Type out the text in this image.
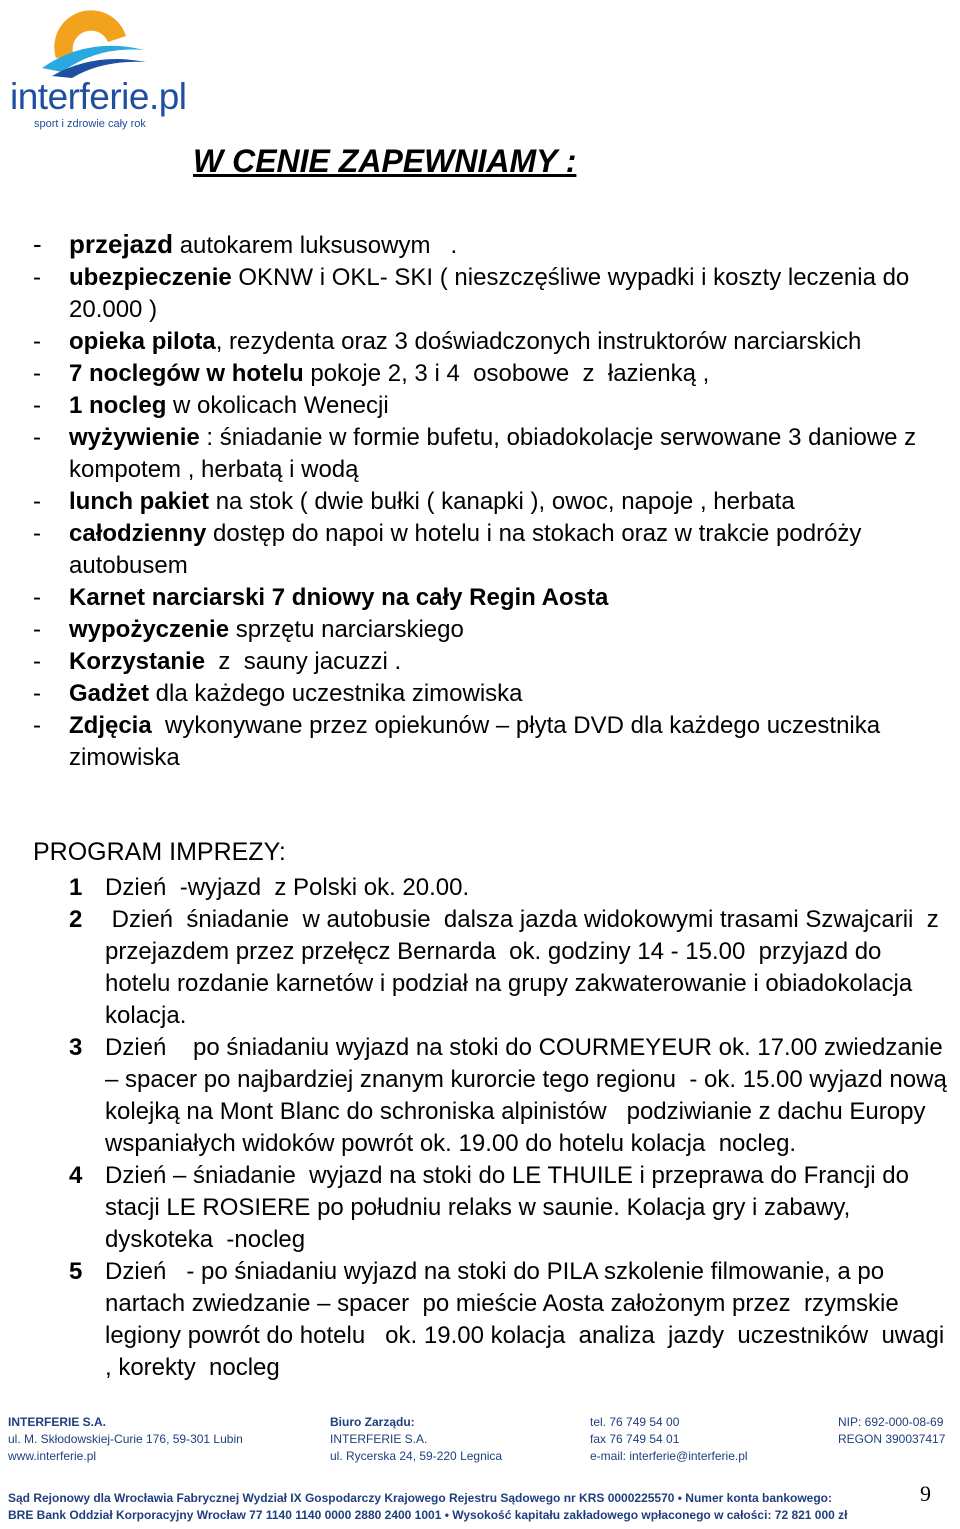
interferie.pl
sport i zdrowie cały rok
W CENIE ZAPEWNIAMY :
-	przejazd autokarem luksusowym   .
-	ubezpieczenie OKNW i OKL- SKI ( nieszczęśliwe wypadki i koszty leczenia do 20.000 )
-	opieka pilota, rezydenta oraz 3 doświadczonych instruktorów narciarskich
-	7 noclegów w hotelu pokoje 2, 3 i 4  osobowe  z  łazienką ,
-	1 nocleg w okolicach Wenecji
-	wyżywienie : śniadanie w formie bufetu, obiadokolacje serwowane 3 daniowe z kompotem , herbatą i wodą
-	lunch pakiet na stok ( dwie bułki ( kanapki ), owoc, napoje , herbata
-	całodzienny dostęp do napoi w hotelu i na stokach oraz w trakcie podróży autobusem
-	Karnet narciarski 7 dniowy na cały Regin Aosta
-	wypożyczenie sprzętu narciarskiego
-	Korzystanie  z  sauny jacuzzi .
-	Gadżet dla każdego uczestnika zimowiska
-	Zdjęcia  wykonywane przez opiekunów – płyta DVD dla każdego uczestnika zimowiska
PROGRAM IMPREZY:
1 Dzień  -wyjazd  z Polski ok. 20.00.
2 Dzień  śniadanie  w autobusie  dalsza jazda widokowymi trasami Szwajcarii  z przejazdem przez przełęcz Bernarda  ok. godziny 14 - 15.00  przyjazd do hotelu rozdanie karnetów i podział na grupy zakwaterowanie i obiadokolacja kolacja.
3 Dzień    po śniadaniu wyjazd na stoki do COURMEYEUR ok. 17.00 zwiedzanie – spacer po najbardziej znanym kurorcie tego regionu  - ok. 15.00 wyjazd nową kolejką na Mont Blanc do schroniska alpinistów   podziwianie z dachu Europy wspaniałych widoków powrót ok. 19.00 do hotelu kolacja  nocleg.
4 Dzień – śniadanie  wyjazd na stoki do LE THUILE i przeprawa do Francji do stacji LE ROSIERE po południu relaks w saunie. Kolacja gry i zabawy,  dyskoteka  -nocleg
5 Dzień   - po śniadaniu wyjazd na stoki do PILA szkolenie filmowanie, a po nartach zwiedzanie – spacer  po mieście Aosta założonym przez  rzymskie legiony powrót do hotelu   ok. 19.00 kolacja  analiza  jazdy  uczestników  uwagi , korekty  nocleg
INTERFERIE S.A.
ul. M. Skłodowskiej-Curie 176, 59-301 Lubin
www.interferie.pl
Biuro Zarządu:
INTERFERIE S.A.
ul. Rycerska 24, 59-220 Legnica
tel. 76 749 54 00
fax 76 749 54 01
e-mail: interferie@interferie.pl
NIP: 692-000-08-69
REGON 390037417
Sąd Rejonowy dla Wrocławia Fabrycznej Wydział IX Gospodarczy Krajowego Rejestru Sądowego nr KRS 0000225570 • Numer konta bankowego:
BRE Bank Oddział Korporacyjny Wrocław 77 1140 1140 0000 2880 2400 1001 • Wysokość kapitału zakładowego wpłaconego w całości: 72 821 000 zł
9
